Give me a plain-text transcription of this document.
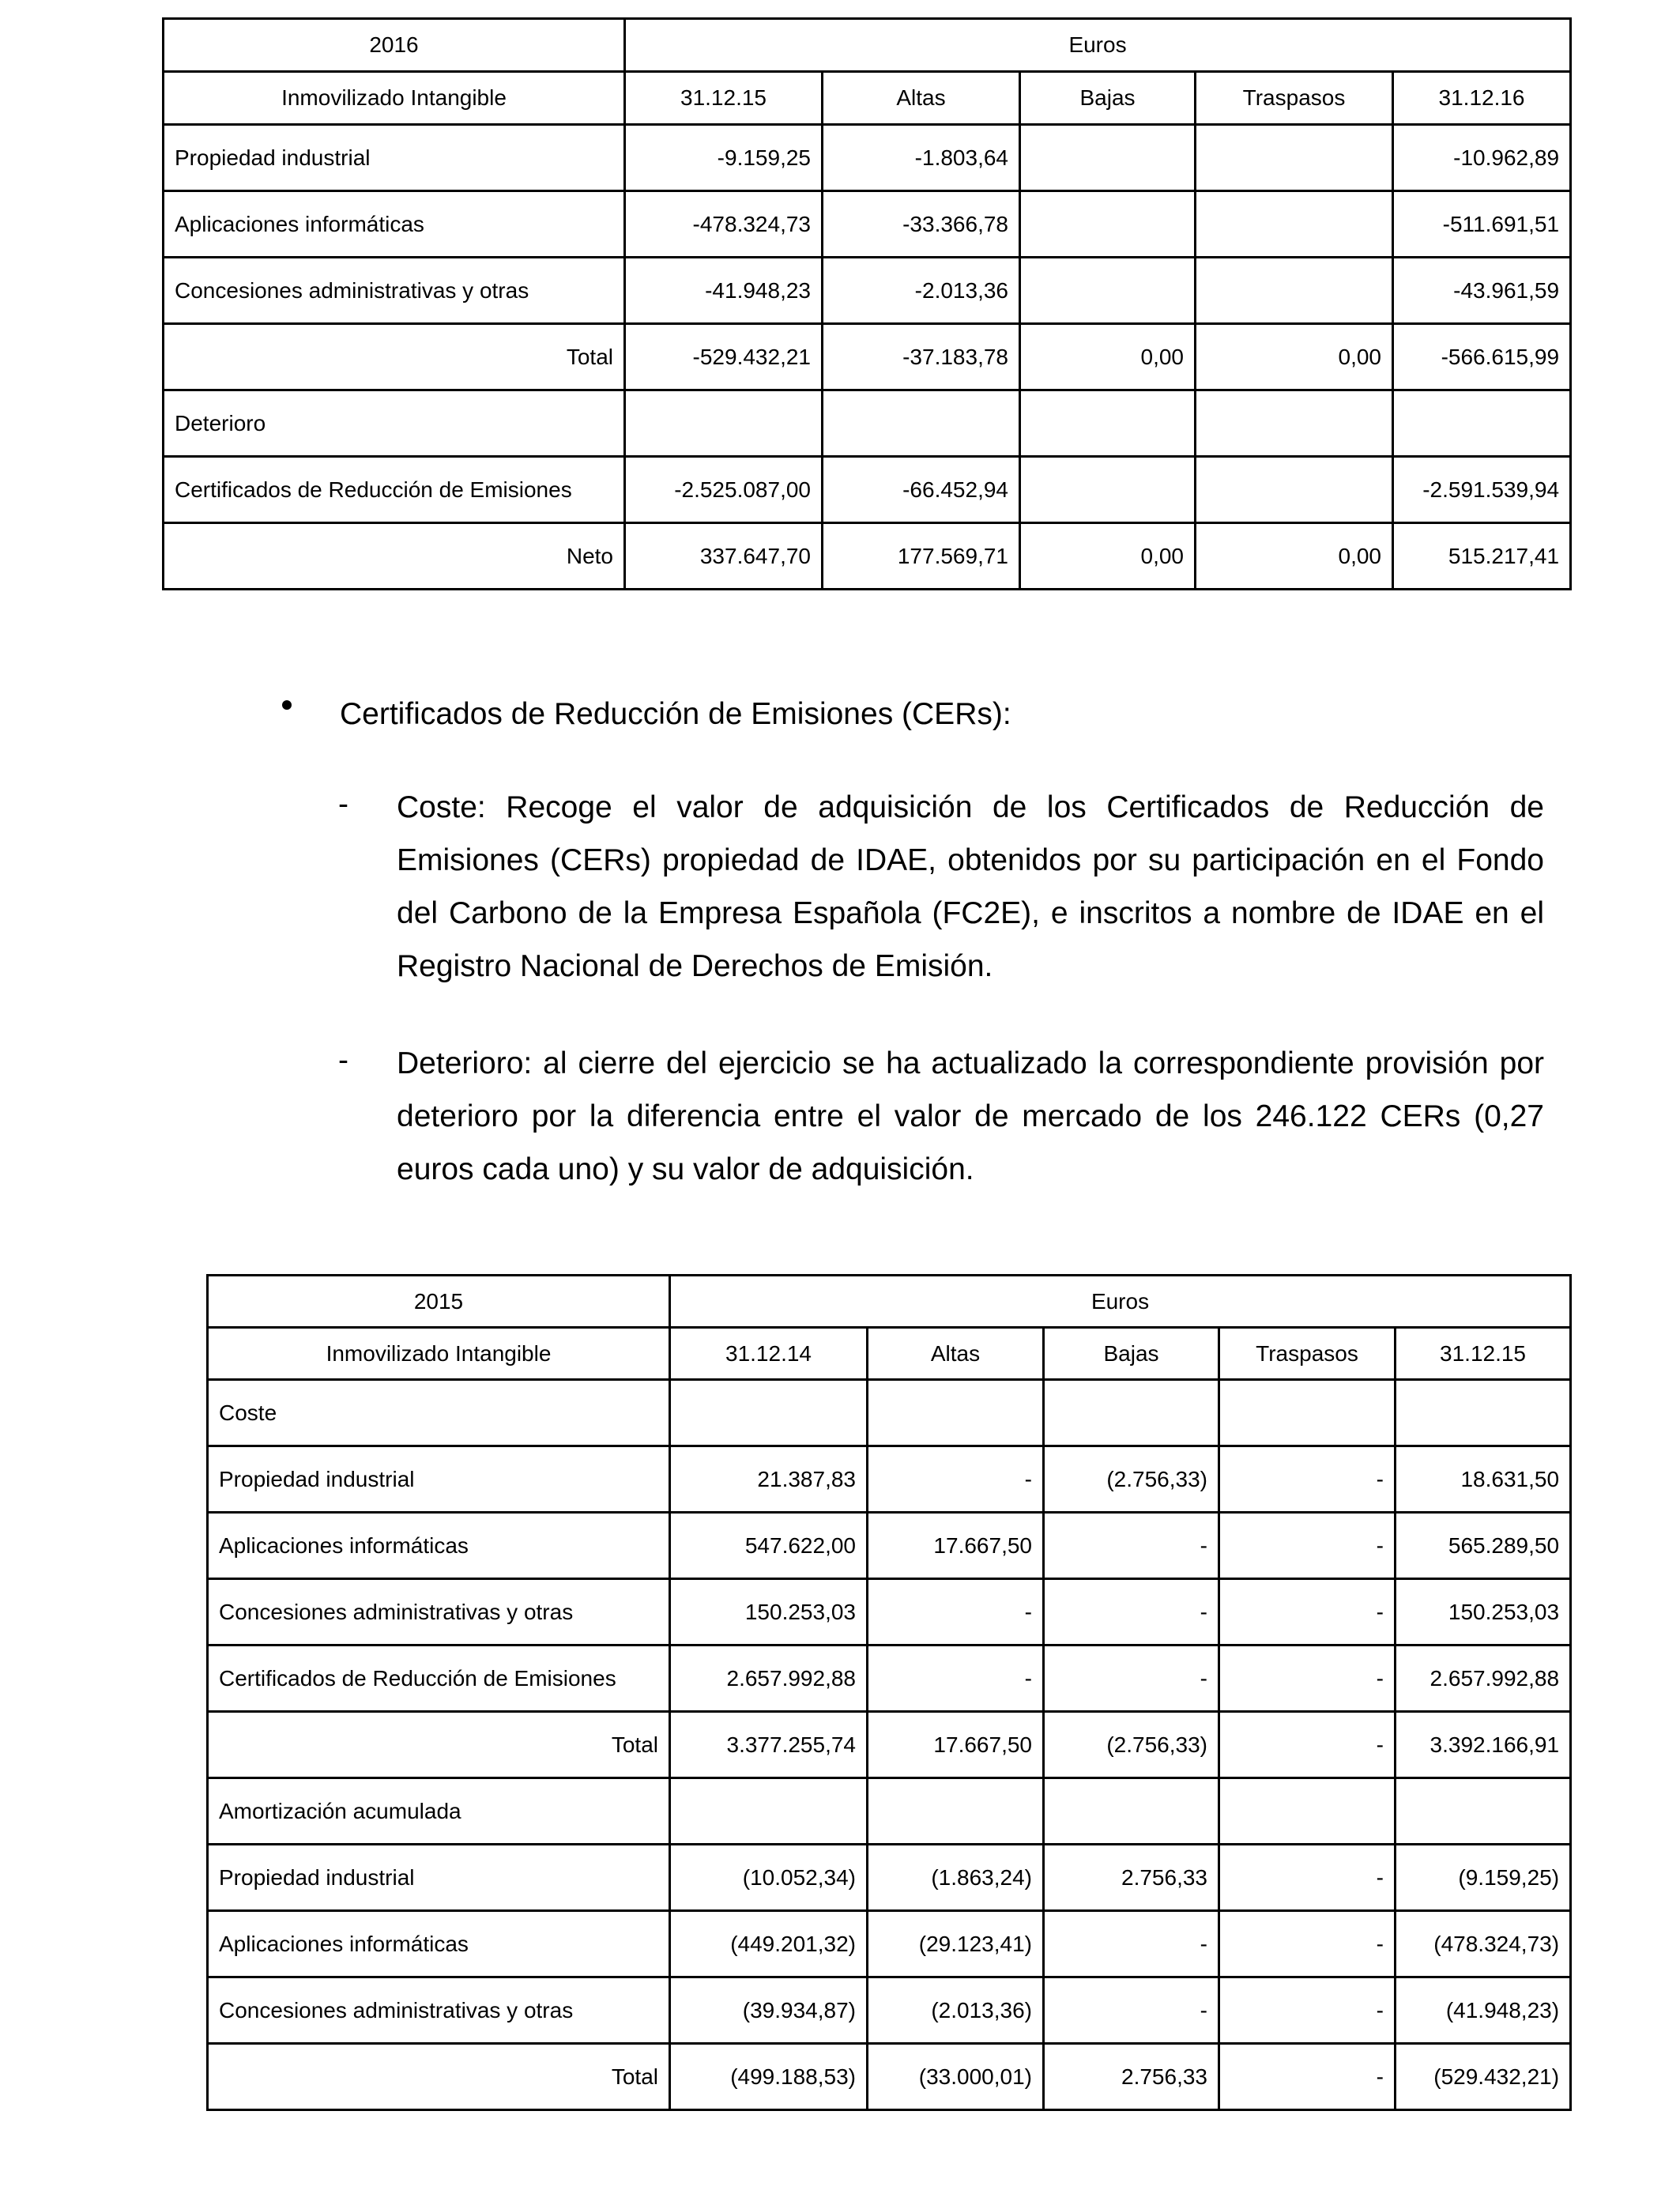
2016	Euros				
Inmovilizado Intangible	31.12.15	Altas	Bajas	Traspasos	31.12.16
Propiedad industrial	-9.159,25	-1.803,64			-10.962,89
Aplicaciones informáticas	-478.324,73	-33.366,78			-511.691,51
Concesiones administrativas y otras	-41.948,23	-2.013,36			-43.961,59
Total	-529.432,21	-37.183,78	0,00	0,00	-566.615,99
Deterioro					
Certificados de Reducción de Emisiones	-2.525.087,00	-66.452,94			-2.591.539,94
Neto	337.647,70	177.569,71	0,00	0,00	515.217,41
Certificados de Reducción de Emisiones (CERs):
- Coste: Recoge el valor de adquisición de los Certificados de Reducción de
Emisiones (CERs) propiedad de IDAE, obtenidos por su participación en el Fondo
del Carbono de la Empresa Española (FC2E), e inscritos a nombre de IDAE en el
Registro Nacional de Derechos de Emisión.
- Deterioro: al cierre del ejercicio se ha actualizado la correspondiente provisión por
deterioro por la diferencia entre el valor de mercado de los 246.122 CERs (0,27
euros cada uno) y su valor de adquisición.
2015	Euros				
Inmovilizado Intangible	31.12.14	Altas	Bajas	Traspasos	31.12.15
Coste					
Propiedad industrial	21.387,83	-	(2.756,33)	-	18.631,50
Aplicaciones informáticas	547.622,00	17.667,50	-	-	565.289,50
Concesiones administrativas y otras	150.253,03	-	-	-	150.253,03
Certificados de Reducción de Emisiones	2.657.992,88	-	-	-	2.657.992,88
Total	3.377.255,74	17.667,50	(2.756,33)	-	3.392.166,91
Amortización acumulada					
Propiedad industrial	(10.052,34)	(1.863,24)	2.756,33	-	(9.159,25)
Aplicaciones informáticas	(449.201,32)	(29.123,41)	-	-	(478.324,73)
Concesiones administrativas y otras	(39.934,87)	(2.013,36)	-	-	(41.948,23)
Total	(499.188,53)	(33.000,01)	2.756,33	-	(529.432,21)
